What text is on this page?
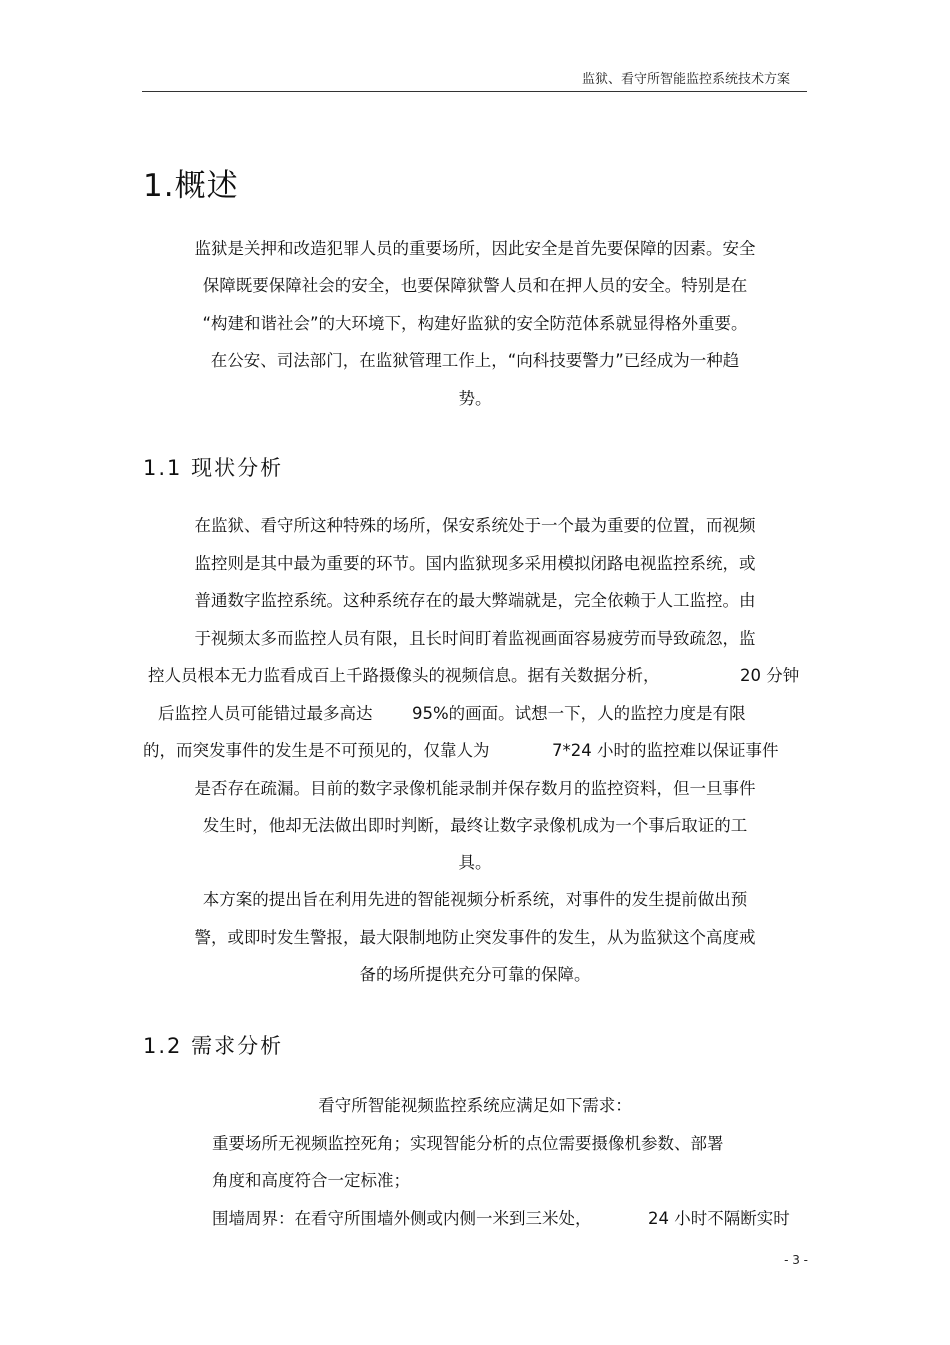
监狱、看守所智能监控系统技术方案
1.概述
监狱是关押和改造犯罪人员的重要场所，因此安全是首先要保障的因素。安全
保障既要保障社会的安全，也要保障狱警人员和在押人员的安全。特别是在
“构建和谐社会”的大环境下，构建好监狱的安全防范体系就显得格外重要。
在公安、司法部门，在监狱管理工作上，“向科技要警力”已经成为一种趋
势。
1.1 现状分析
在监狱、看守所这种特殊的场所，保安系统处于一个最为重要的位置，而视频
监控则是其中最为重要的环节。国内监狱现多采用模拟闭路电视监控系统，或
普通数字监控系统。这种系统存在的最大弊端就是，完全依赖于人工监控。由
于视频太多而监控人员有限，且长时间盯着监视画面容易疲劳而导致疏忽，监
控人员根本无力监看成百上千路摄像头的视频信息。据有关数据分析，	20 分钟
后监控人员可能错过最多高达 95%的画面。试想一下，人的监控力度是有限
的，而突发事件的发生是不可预见的，仅靠人为	7*24 小时的监控难以保证事件
是否存在疏漏。目前的数字录像机能录制并保存数月的监控资料，但一旦事件
发生时，他却无法做出即时判断，最终让数字录像机成为一个事后取证的工
具。
本方案的提出旨在利用先进的智能视频分析系统，对事件的发生提前做出预
警，或即时发生警报，最大限制地防止突发事件的发生，从为监狱这个高度戒
备的场所提供充分可靠的保障。
1.2 需求分析
看守所智能视频监控系统应满足如下需求：
重要场所无视频监控死角；实现智能分析的点位需要摄像机参数、部署
角度和高度符合一定标准；
围墙周界：在看守所围墙外侧或内侧一米到三米处，	24 小时不隔断实时
- 3 -
